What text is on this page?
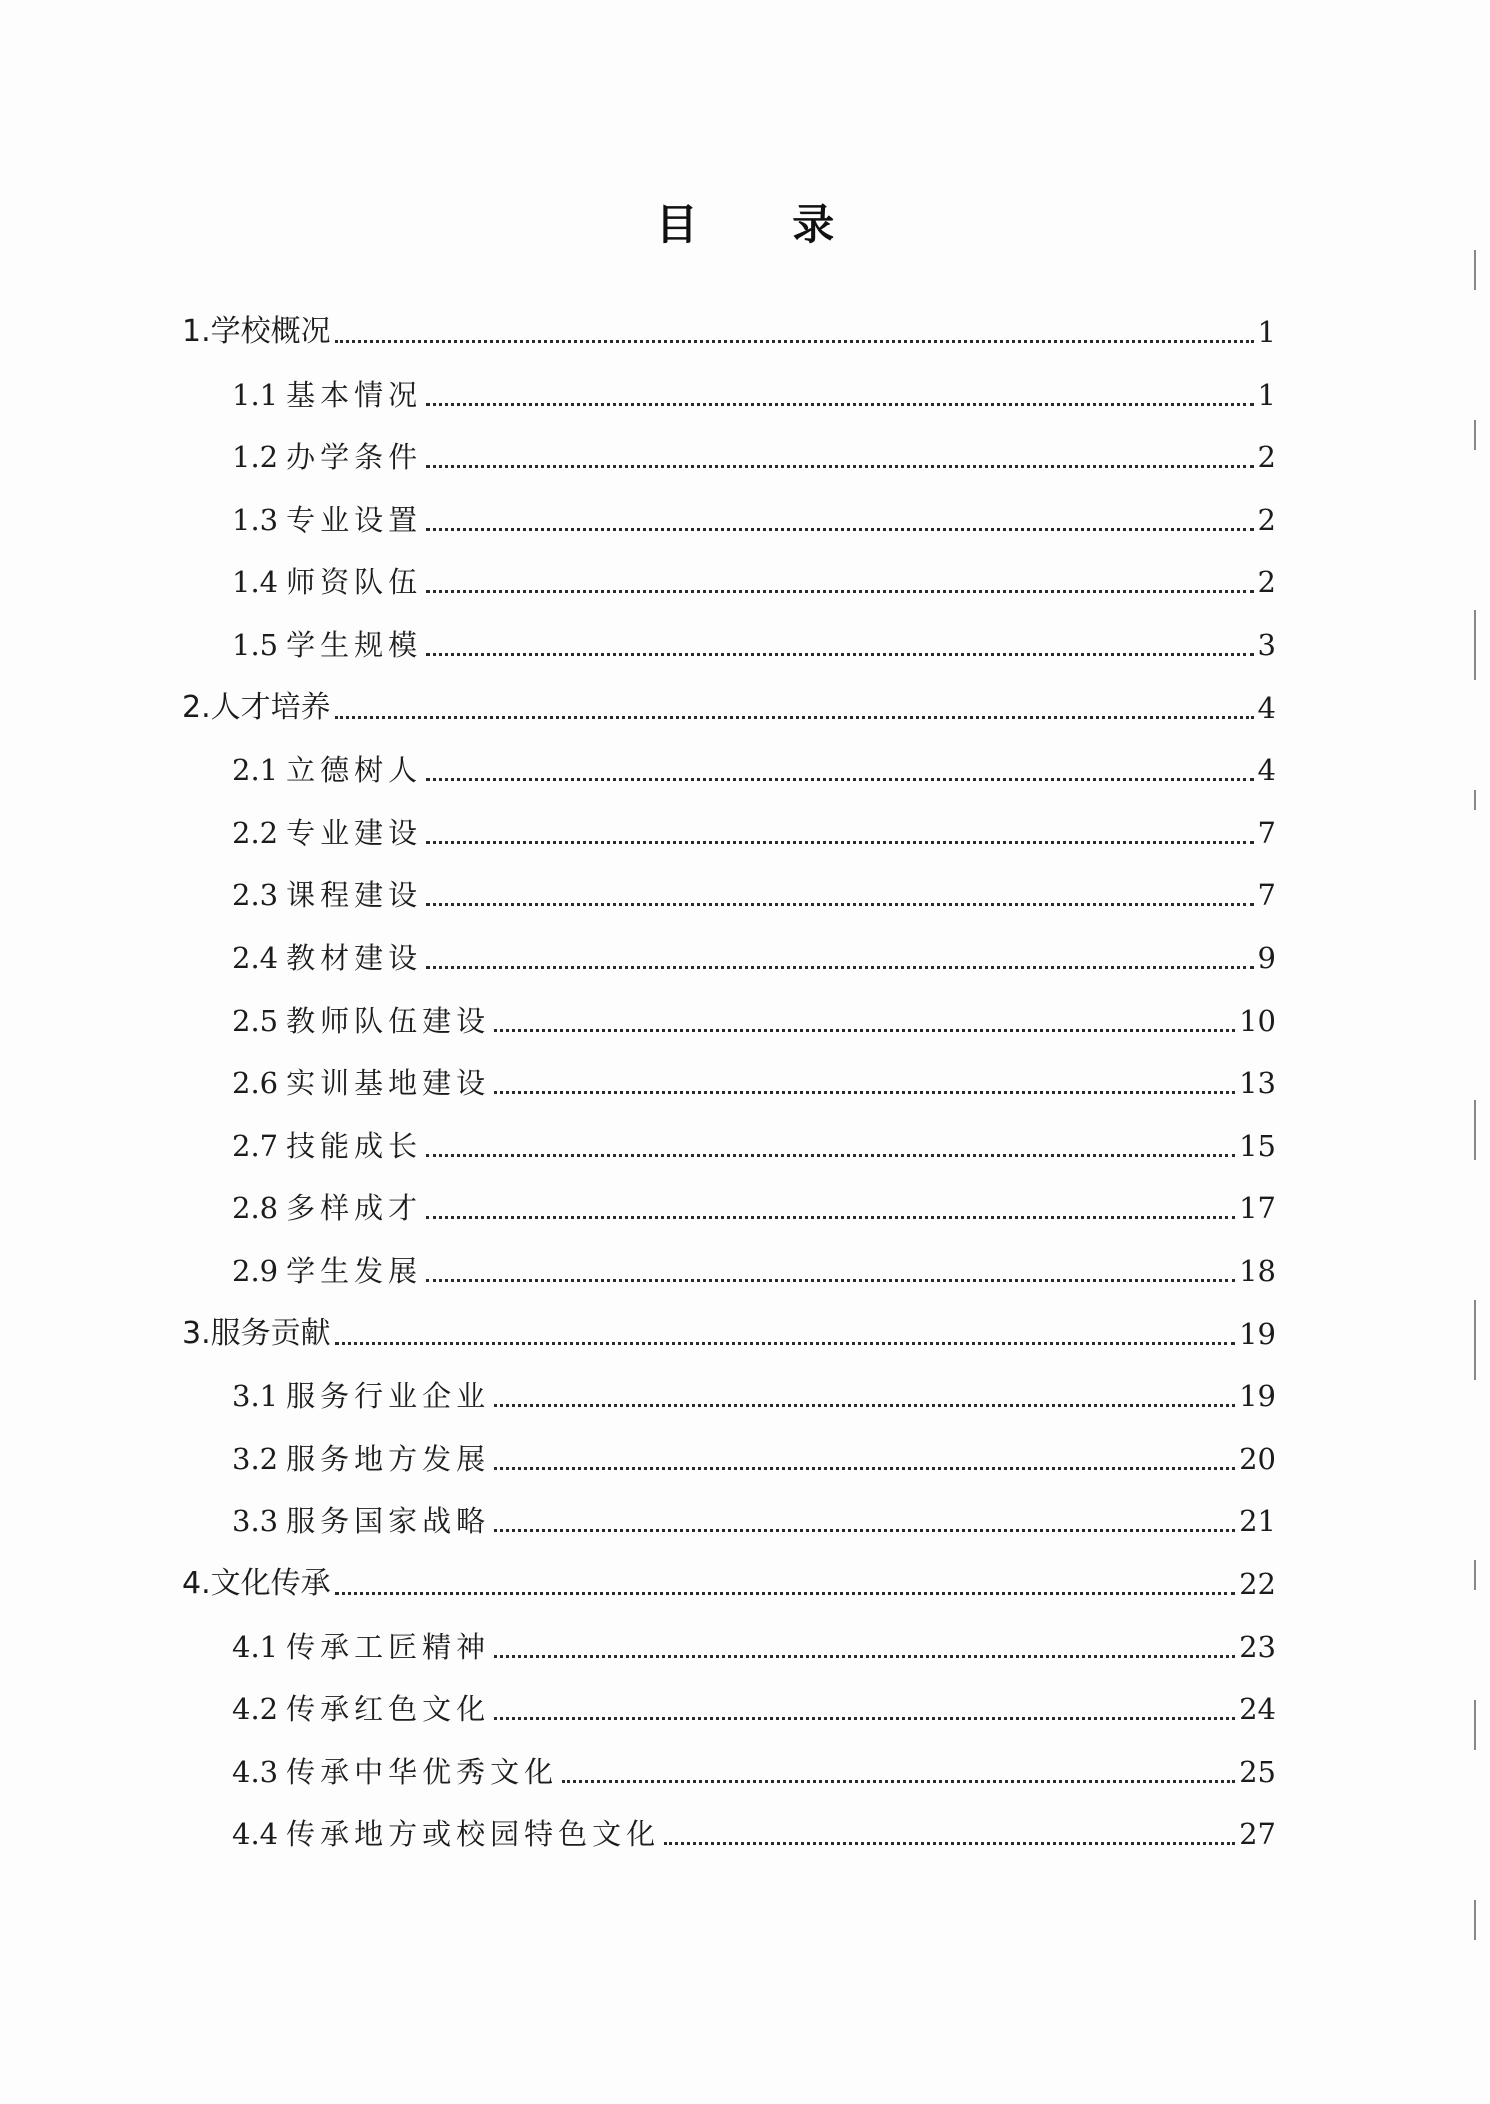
目 录
1.学校概况	1
1.1 基本情况	1
1.2 办学条件	2
1.3 专业设置	2
1.4 师资队伍	2
1.5 学生规模	3
2.人才培养	4
2.1 立德树人	4
2.2 专业建设	7
2.3 课程建设	7
2.4 教材建设	9
2.5 教师队伍建设	10
2.6 实训基地建设	13
2.7 技能成长	15
2.8 多样成才	17
2.9 学生发展	18
3.服务贡献	19
3.1 服务行业企业	19
3.2 服务地方发展	20
3.3 服务国家战略	21
4.文化传承	22
4.1 传承工匠精神	23
4.2 传承红色文化	24
4.3 传承中华优秀文化	25
4.4 传承地方或校园特色文化	27
